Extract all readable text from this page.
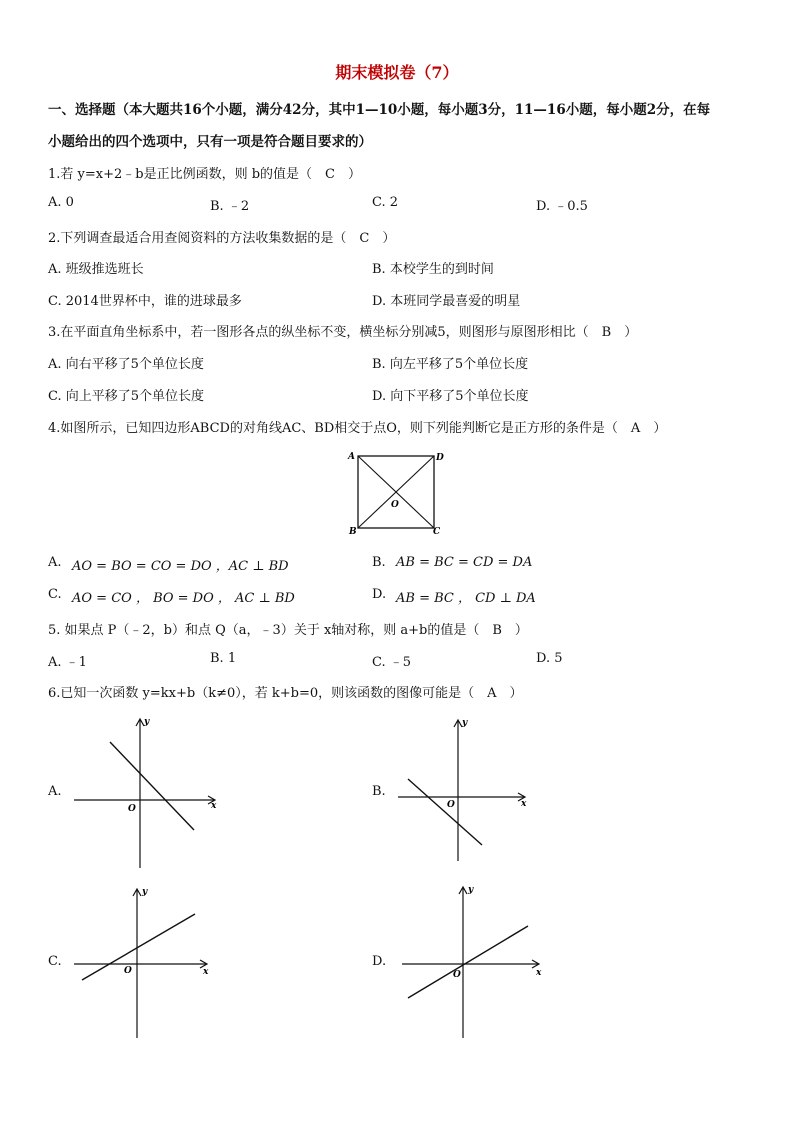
期末模拟卷（7）
一、选择题（本大题共16个小题，满分42分，其中1—10小题，每小题3分，11—16小题，每小题2分，在每
小题给出的四个选项中，只有一项是符合题目要求的）
1.若 y=x+2﹣b是正比例函数，则 b的值是（　C　）
A. 0	B. ﹣2	C. 2	D. ﹣0.5
2.下列调查最适合用查阅资料的方法收集数据的是（　C　）
A. 班级推选班长	B. 本校学生的到时间
C. 2014世界杯中，谁的进球最多	D. 本班同学最喜爱的明星
3.在平面直角坐标系中，若一图形各点的纵坐标不变，横坐标分别减5，则图形与原图形相比（　B　）
A. 向右平移了5个单位长度	B. 向左平移了5个单位长度
C. 向上平移了5个单位长度	D. 向下平移了5个单位长度
4.如图所示，已知四边形ABCD的对角线AC、BD相交于点O，则下列能判断它是正方形的条件是（　A　）
A	D
B	C
O
A. AO = BO = CO = DO ，AC ⊥ BD	B. AB = BC = CD = DA
C. AO = CO ， BO = DO ， AC ⊥ BD	D. AB = BC ， CD ⊥ DA
5. 如果点 P（﹣2，b）和点 Q（a，﹣3）关于 x轴对称，则 a+b的值是（　B　）
A. ﹣1	B. 1	C. ﹣5	D. 5
6.已知一次函数 y=kx+b（k≠0），若 k+b=0，则该函数的图像可能是（　A　）
A.
y
x
O
B.
y
x
O
C.
y
x
O
D.
y
x
O
